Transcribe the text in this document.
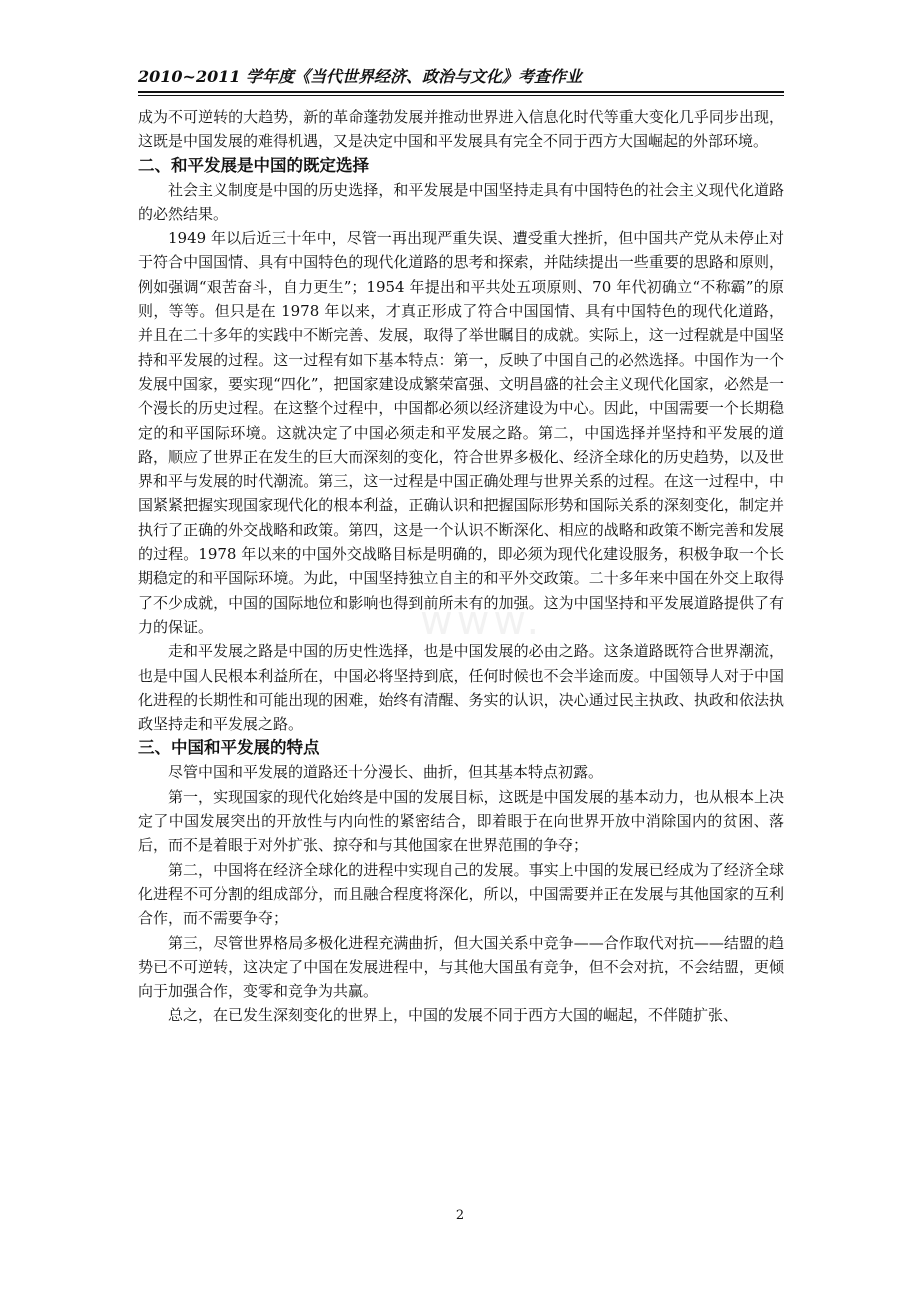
2010~2011 学年度《当代世界经济、政治与文化》考查作业
www.

成为不可逆转的大趋势，新的革命蓬勃发展并推动世界进入信息化时代等重大变化几乎同步出现，这既是中国发展的难得机遇，又是决定中国和平发展具有完全不同于西方大国崛起的外部环境。

二、和平发展是中国的既定选择

社会主义制度是中国的历史选择，和平发展是中国坚持走具有中国特色的社会主义现代化道路的必然结果。

1949 年以后近三十年中，尽管一再出现严重失误、遭受重大挫折，但中国共产党从未停止对于符合中国国情、具有中国特色的现代化道路的思考和探索，并陆续提出一些重要的思路和原则，例如强调“艰苦奋斗，自力更生”；1954 年提出和平共处五项原则、70 年代初确立“不称霸”的原则，等等。但只是在 1978 年以来，才真正形成了符合中国国情、具有中国特色的现代化道路，并且在二十多年的实践中不断完善、发展，取得了举世瞩目的成就。实际上，这一过程就是中国坚持和平发展的过程。这一过程有如下基本特点：第一，反映了中国自己的必然选择。中国作为一个发展中国家，要实现“四化”，把国家建设成繁荣富强、文明昌盛的社会主义现代化国家，必然是一个漫长的历史过程。在这整个过程中，中国都必须以经济建设为中心。因此，中国需要一个长期稳定的和平国际环境。这就决定了中国必须走和平发展之路。第二，中国选择并坚持和平发展的道路，顺应了世界正在发生的巨大而深刻的变化，符合世界多极化、经济全球化的历史趋势，以及世界和平与发展的时代潮流。第三，这一过程是中国正确处理与世界关系的过程。在这一过程中，中国紧紧把握实现国家现代化的根本利益，正确认识和把握国际形势和国际关系的深刻变化，制定并执行了正确的外交战略和政策。第四，这是一个认识不断深化、相应的战略和政策不断完善和发展的过程。1978 年以来的中国外交战略目标是明确的，即必须为现代化建设服务，积极争取一个长期稳定的和平国际环境。为此，中国坚持独立自主的和平外交政策。二十多年来中国在外交上取得了不少成就，中国的国际地位和影响也得到前所未有的加强。这为中国坚持和平发展道路提供了有力的保证。

走和平发展之路是中国的历史性选择，也是中国发展的必由之路。这条道路既符合世界潮流，也是中国人民根本利益所在，中国必将坚持到底，任何时候也不会半途而废。中国领导人对于中国化进程的长期性和可能出现的困难，始终有清醒、务实的认识，决心通过民主执政、执政和依法执政坚持走和平发展之路。

三、中国和平发展的特点

尽管中国和平发展的道路还十分漫长、曲折，但其基本特点初露。

第一，实现国家的现代化始终是中国的发展目标，这既是中国发展的基本动力，也从根本上决定了中国发展突出的开放性与内向性的紧密结合，即着眼于在向世界开放中消除国内的贫困、落后，而不是着眼于对外扩张、掠夺和与其他国家在世界范围的争夺；

第二，中国将在经济全球化的进程中实现自己的发展。事实上中国的发展已经成为了经济全球化进程不可分割的组成部分，而且融合程度将深化，所以，中国需要并正在发展与其他国家的互利合作，而不需要争夺；

第三，尽管世界格局多极化进程充满曲折，但大国关系中竞争——合作取代对抗——结盟的趋势已不可逆转，这决定了中国在发展进程中，与其他大国虽有竞争，但不会对抗，不会结盟，更倾向于加强合作，变零和竞争为共赢。

总之，在已发生深刻变化的世界上，中国的发展不同于西方大国的崛起，不伴随扩张、

2
